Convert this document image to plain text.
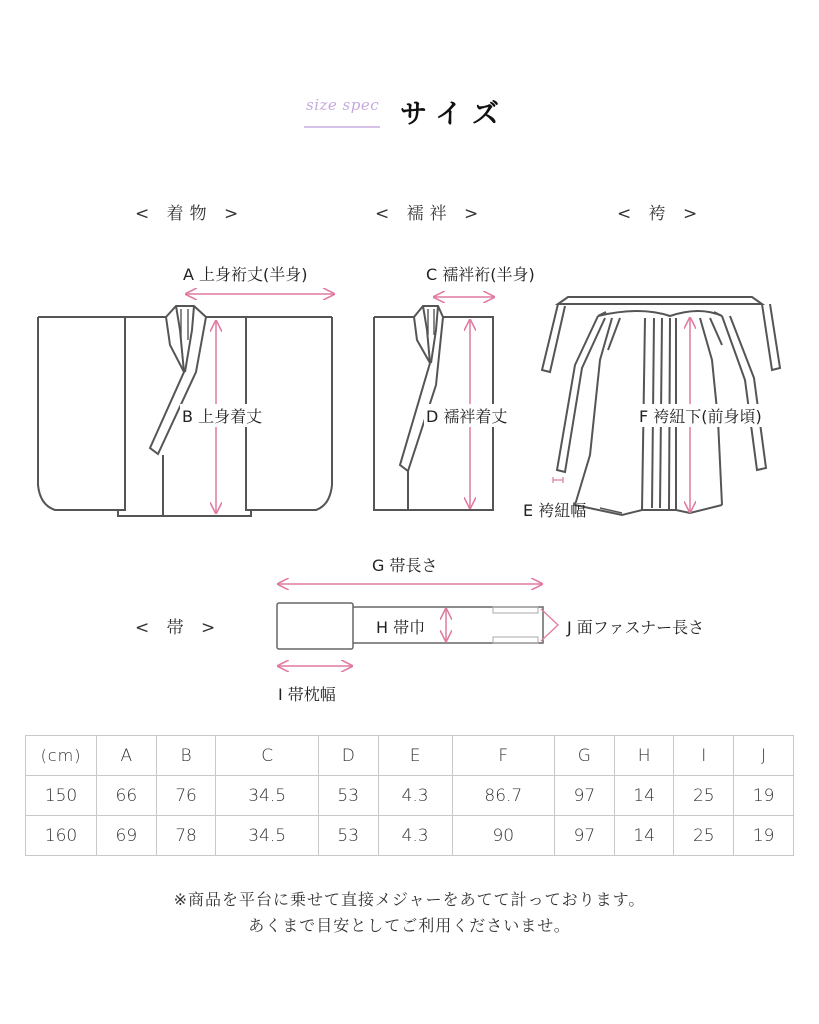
size spec サイズ
< 着物 >	< 襦袢 >	< 袴 >
< 帯 >
A 上身裄丈(半身)
B 上身着丈
C 襦袢裄(半身)
D 襦袢着丈
E 袴紐幅
F 袴紐下(前身頃)
G 帯長さ
H 帯巾
I 帯枕幅
J 面ファスナー長さ
(cm)	A	B	C	D	E	F	G	H	I	J
150	66	76	34.5	53	4.3	86.7	97	14	25	19
160	69	78	34.5	53	4.3	90	97	14	25	19
※商品を平台に乗せて直接メジャーをあてて計っております。
あくまで目安としてご利用くださいませ。
